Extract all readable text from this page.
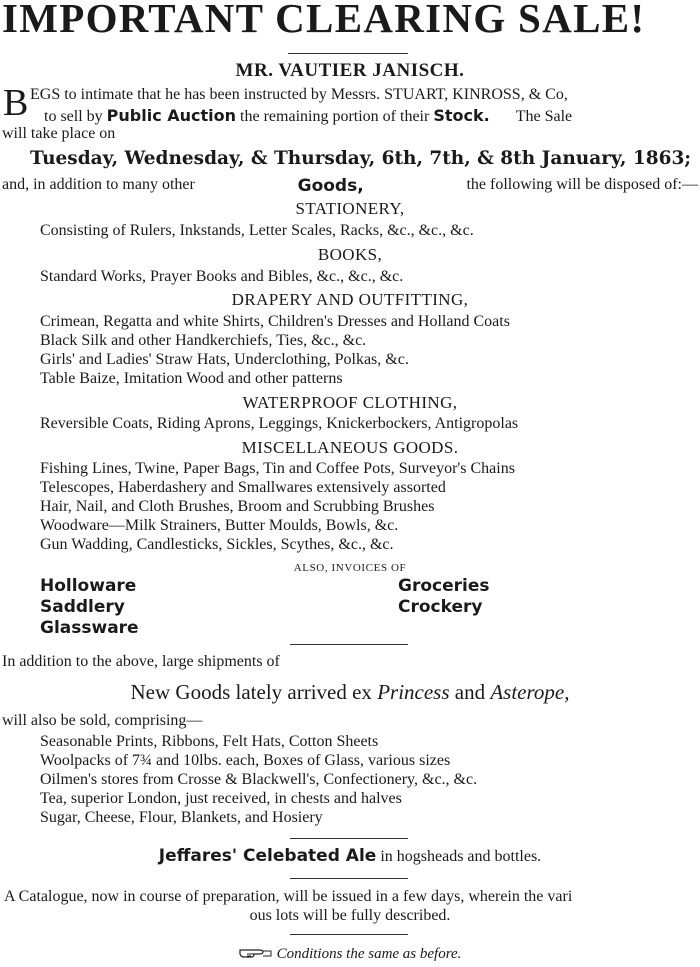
IMPORTANT CLEARING SALE!
MR. VAUTIER JANISCH.
B EGS to intimate that he has been instructed by Messrs. STUART, KINROSS, & Co,
to sell by Public Auction the remaining portion of their Stock. The Sale
will take place on
Tuesday, Wednesday, & Thursday, 6th, 7th, & 8th January, 1863;
and, in addition to many other	Goods,	the following will be disposed of:—
STATIONERY,
Consisting of Rulers, Inkstands, Letter Scales, Racks, &c., &c., &c.
BOOKS,
Standard Works, Prayer Books and Bibles, &c., &c., &c.
DRAPERY AND OUTFITTING,
Crimean, Regatta and white Shirts, Children's Dresses and Holland Coats
Black Silk and other Handkerchiefs, Ties, &c., &c.
Girls' and Ladies' Straw Hats, Underclothing, Polkas, &c.
Table Baize, Imitation Wood and other patterns
WATERPROOF CLOTHING,
Reversible Coats, Riding Aprons, Leggings, Knickerbockers, Antigropolas
MISCELLANEOUS GOODS.
Fishing Lines, Twine, Paper Bags, Tin and Coffee Pots, Surveyor's Chains
Telescopes, Haberdashery and Smallwares extensively assorted
Hair, Nail, and Cloth Brushes, Broom and Scrubbing Brushes
Woodware—Milk Strainers, Butter Moulds, Bowls, &c.
Gun Wadding, Candlesticks, Sickles, Scythes, &c., &c.
ALSO, INVOICES OF
Holloware
Saddlery
Glassware
Groceries
Crockery
In addition to the above, large shipments of
New Goods lately arrived ex Princess and Asterope,
will also be sold, comprising—
Seasonable Prints, Ribbons, Felt Hats, Cotton Sheets
Woolpacks of 7¾ and 10lbs. each, Boxes of Glass, various sizes
Oilmen's stores from Crosse & Blackwell's, Confectionery, &c., &c.
Tea, superior London, just received, in chests and halves
Sugar, Cheese, Flour, Blankets, and Hosiery
Jeffares' Celebated Ale in hogsheads and bottles.
A Catalogue, now in course of preparation, will be issued in a few days, wherein the vari
ous lots will be fully described.
Conditions the same as before.
